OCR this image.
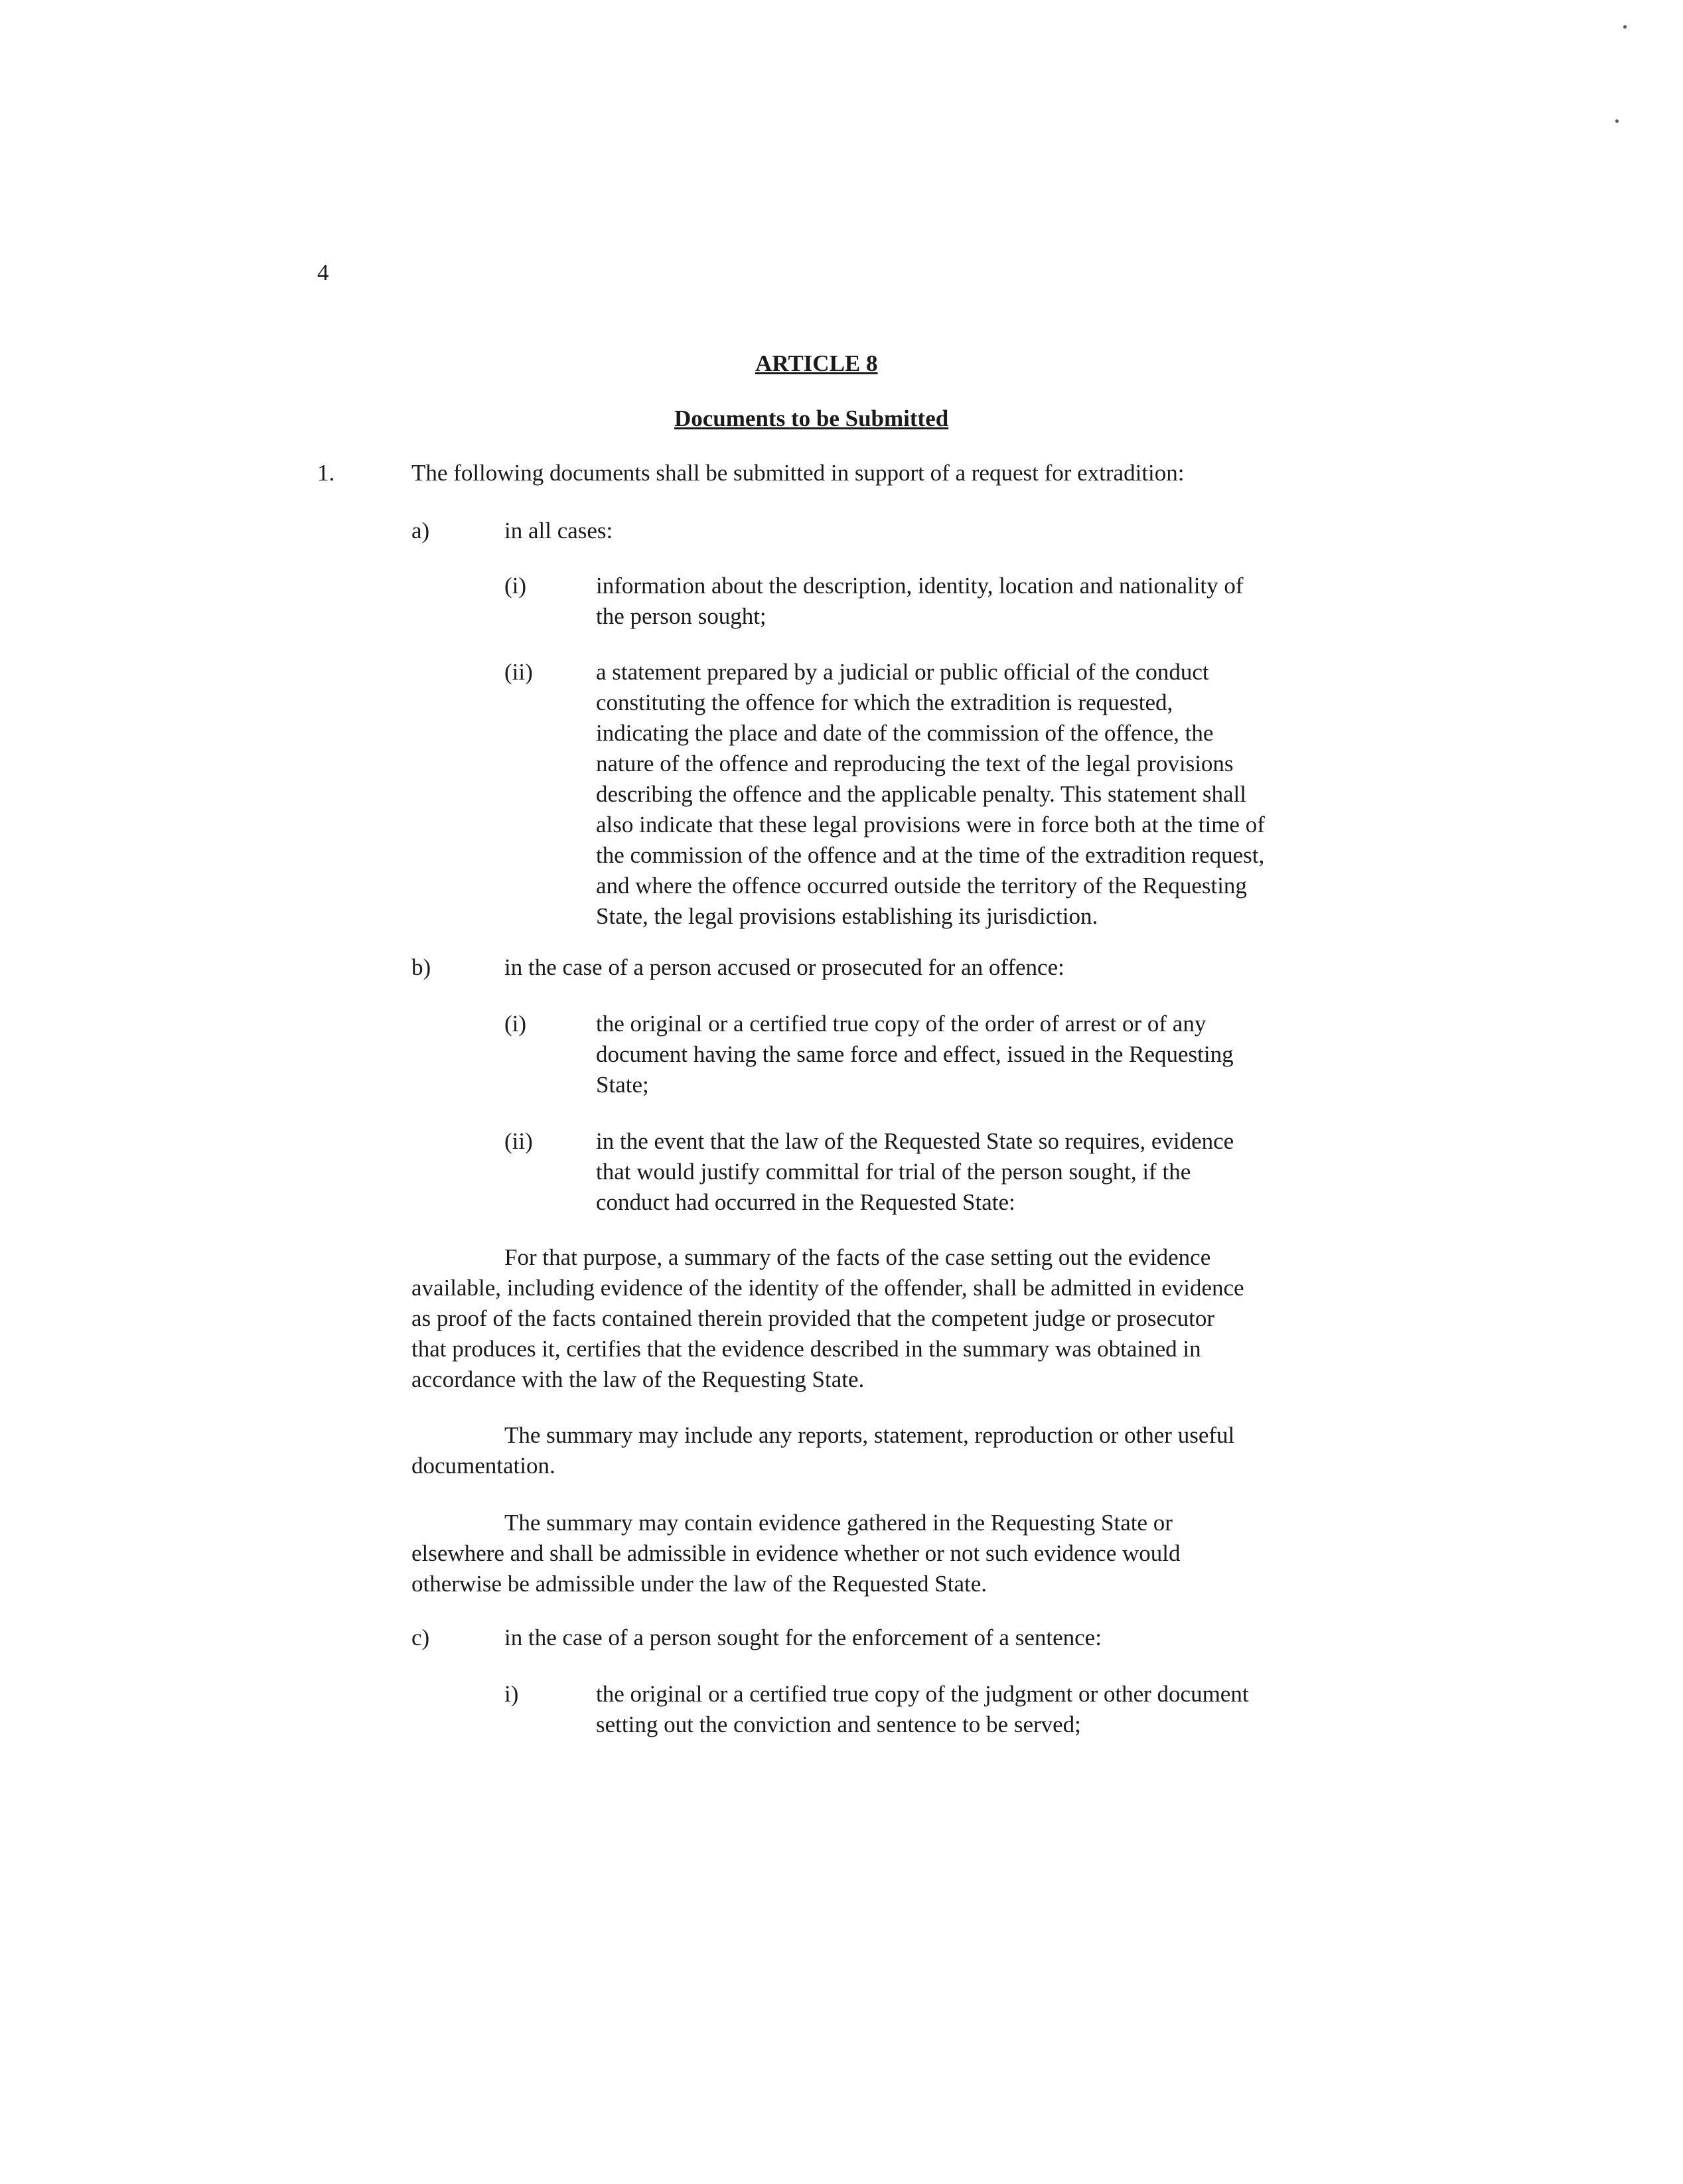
4
ARTICLE 8
Documents to be Submitted
1.	The following documents shall be submitted in support of a request for extradition:
a)	in all cases:
(i)	information about the description, identity, location and nationality of
the person sought;
(ii)	a statement prepared by a judicial or public official of the conduct
constituting the offence for which the extradition is requested,
indicating the place and date of the commission of the offence, the
nature of the offence and reproducing the text of the legal provisions
describing the offence and the applicable penalty. This statement shall
also indicate that these legal provisions were in force both at the time of
the commission of the offence and at the time of the extradition request,
and where the offence occurred outside the territory of the Requesting
State, the legal provisions establishing its jurisdiction.
b)	in the case of a person accused or prosecuted for an offence:
(i)	the original or a certified true copy of the order of arrest or of any
document having the same force and effect, issued in the Requesting
State;
(ii)	in the event that the law of the Requested State so requires, evidence
that would justify committal for trial of the person sought, if the
conduct had occurred in the Requested State:
For that purpose, a summary of the facts of the case setting out the evidence
available, including evidence of the identity of the offender, shall be admitted in evidence
as proof of the facts contained therein provided that the competent judge or prosecutor
that produces it, certifies that the evidence described in the summary was obtained in
accordance with the law of the Requesting State.
The summary may include any reports, statement, reproduction or other useful
documentation.
The summary may contain evidence gathered in the Requesting State or
elsewhere and shall be admissible in evidence whether or not such evidence would
otherwise be admissible under the law of the Requested State.
c)	in the case of a person sought for the enforcement of a sentence:
i)	the original or a certified true copy of the judgment or other document
setting out the conviction and sentence to be served;
